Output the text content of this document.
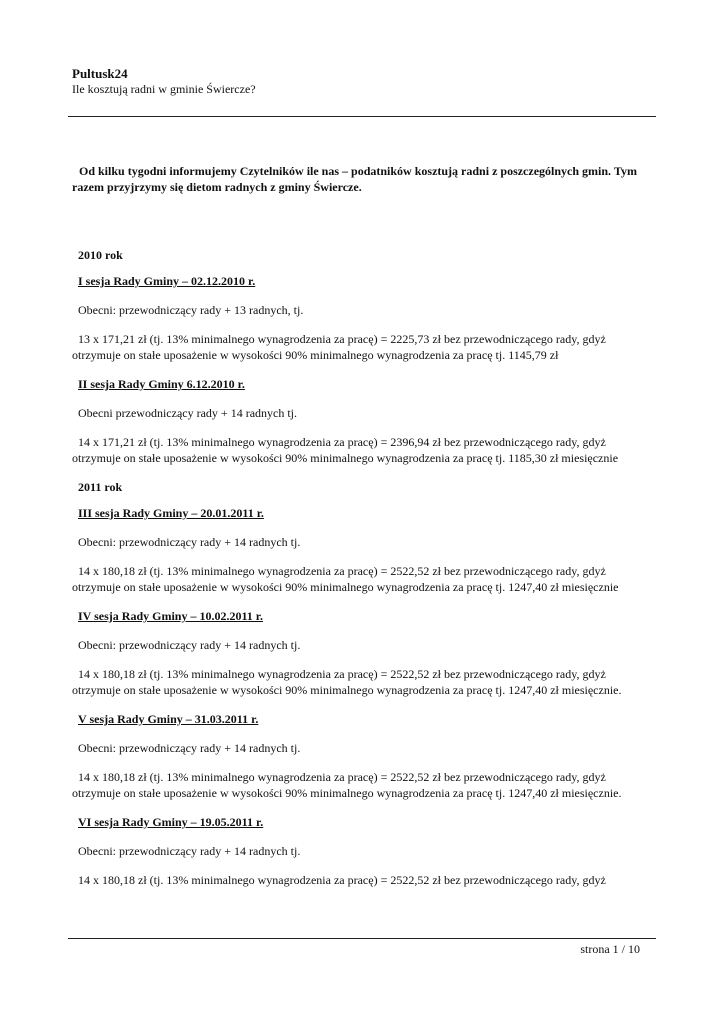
Pultusk24
Ile kosztują radni w gminie Świercze?

Od kilku tygodni informujemy Czytelników ile nas – podatników kosztują radni z poszczególnych gmin. Tym razem przyjrzymy się dietom radnych z gminy Świercze.

2010 rok
I sesja Rady Gminy – 02.12.2010 r.
Obecni: przewodniczący rady + 13 radnych, tj.
13 x 171,21 zł (tj. 13% minimalnego wynagrodzenia za pracę) = 2225,73 zł bez przewodniczącego rady, gdyż otrzymuje on stałe uposażenie w wysokości 90% minimalnego wynagrodzenia za pracę tj. 1145,79 zł
II sesja Rady Gminy 6.12.2010 r.
Obecni przewodniczący rady + 14 radnych tj.
14 x 171,21 zł (tj. 13% minimalnego wynagrodzenia za pracę) = 2396,94 zł bez przewodniczącego rady, gdyż otrzymuje on stałe uposażenie w wysokości 90% minimalnego wynagrodzenia za pracę tj. 1185,30 zł miesięcznie
2011 rok
III sesja Rady Gminy – 20.01.2011 r.
Obecni: przewodniczący rady + 14 radnych tj.
14 x 180,18 zł (tj. 13% minimalnego wynagrodzenia za pracę) = 2522,52 zł bez przewodniczącego rady, gdyż otrzymuje on stałe uposażenie w wysokości 90% minimalnego wynagrodzenia za pracę tj. 1247,40 zł miesięcznie
IV sesja Rady Gminy – 10.02.2011 r.
Obecni: przewodniczący rady + 14 radnych tj.
14 x 180,18 zł (tj. 13% minimalnego wynagrodzenia za pracę) = 2522,52 zł bez przewodniczącego rady, gdyż otrzymuje on stałe uposażenie w wysokości 90% minimalnego wynagrodzenia za pracę tj. 1247,40 zł miesięcznie.
V sesja Rady Gminy – 31.03.2011 r.
Obecni: przewodniczący rady + 14 radnych tj.
14 x 180,18 zł (tj. 13% minimalnego wynagrodzenia za pracę) = 2522,52 zł bez przewodniczącego rady, gdyż otrzymuje on stałe uposażenie w wysokości 90% minimalnego wynagrodzenia za pracę tj. 1247,40 zł miesięcznie.
VI sesja Rady Gminy – 19.05.2011 r.
Obecni: przewodniczący rady + 14 radnych tj.
14 x 180,18 zł (tj. 13% minimalnego wynagrodzenia za pracę) = 2522,52 zł bez przewodniczącego rady, gdyż
strona 1 / 10
